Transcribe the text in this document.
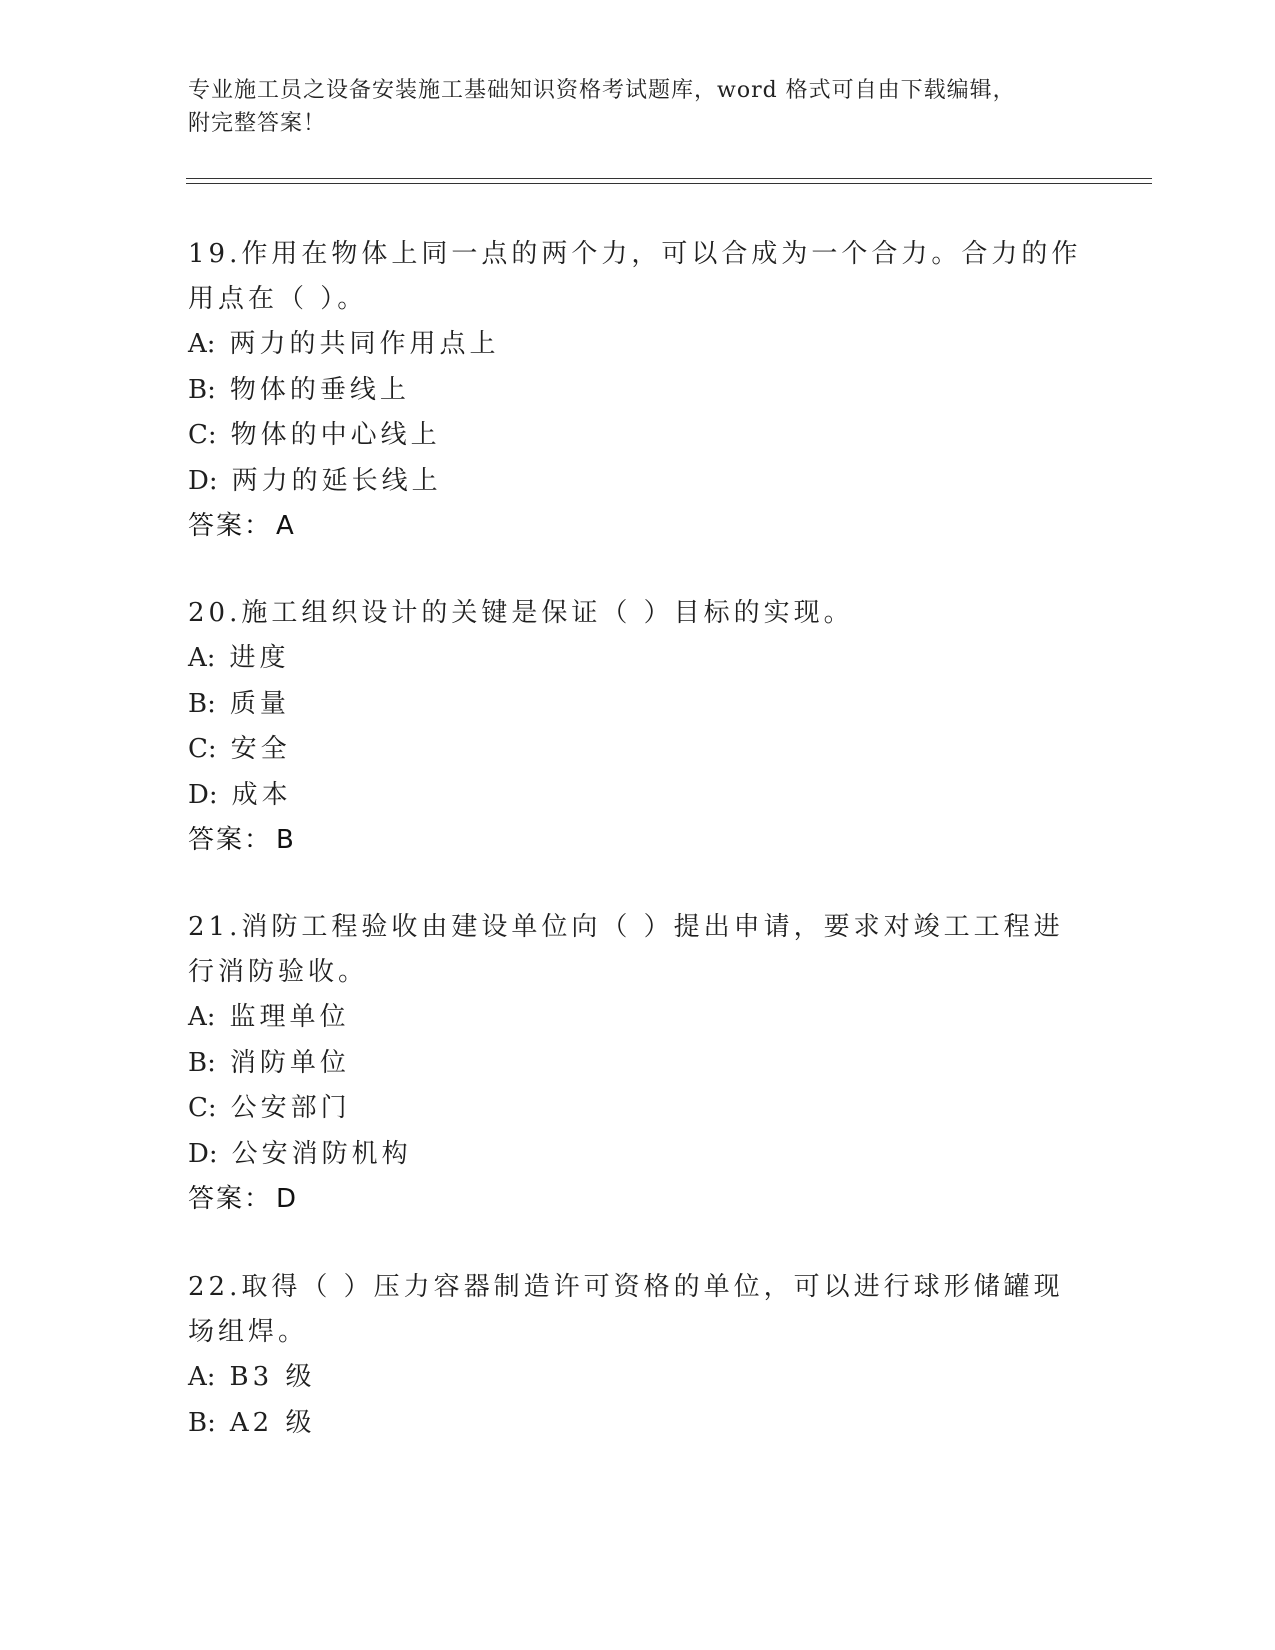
专业施工员之设备安装施工基础知识资格考试题库，word 格式可自由下载编辑，
附完整答案！
19.作用在物体上同一点的两个力，可以合成为一个合力。合力的作用点在（ ）。
A: 两力的共同作用点上
B: 物体的垂线上
C: 物体的中心线上
D: 两力的延长线上
答案： A
20.施工组织设计的关键是保证（ ）目标的实现。
A: 进度
B: 质量
C: 安全
D: 成本
答案： B
21.消防工程验收由建设单位向（ ）提出申请，要求对竣工工程进行消防验收。
A: 监理单位
B: 消防单位
C: 公安部门
D: 公安消防机构
答案： D
22.取得（ ）压力容器制造许可资格的单位，可以进行球形储罐现场组焊。
A: B3 级
B: A2 级
